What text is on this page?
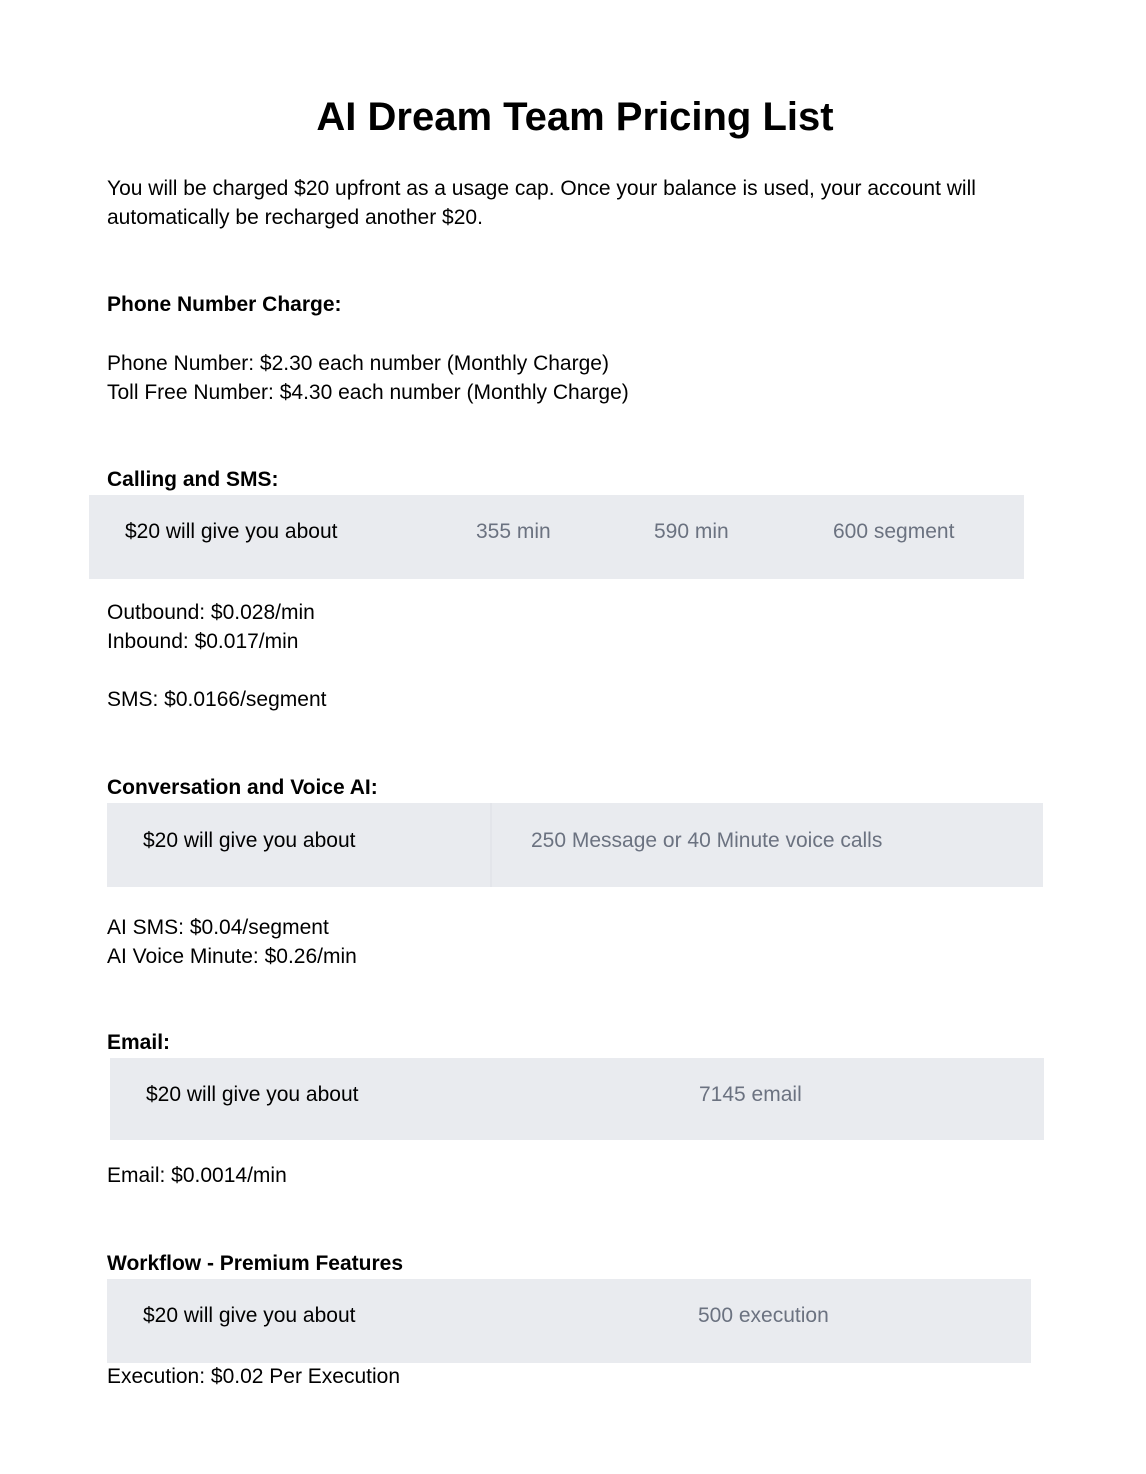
AI Dream Team Pricing List
You will be charged $20 upfront as a usage cap. Once your balance is used, your account will automatically be recharged another $20.
Phone Number Charge:
Phone Number: $2.30 each number (Monthly Charge)
Toll Free Number: $4.30 each number (Monthly Charge)
Calling and SMS:
$20 will give you about	355 min	590 min	600 segment
Outbound: $0.028/min
Inbound: $0.017/min
SMS: $0.0166/segment
Conversation and Voice AI:
$20 will give you about	250 Message or 40 Minute voice calls
AI SMS: $0.04/segment
AI Voice Minute: $0.26/min
Email:
$20 will give you about	7145 email
Email: $0.0014/min
Workflow - Premium Features
$20 will give you about	500 execution
Execution: $0.02 Per Execution
